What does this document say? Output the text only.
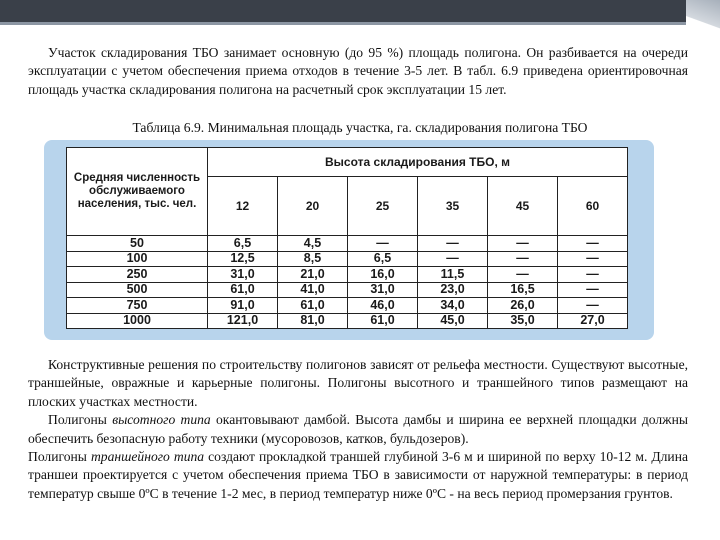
Участок складирования ТБО занимает основную (до 95 %) площадь полигона. Он разбивается на очереди эксплуатации с учетом обеспечения приема отходов в течение 3-5 лет. В табл. 6.9 приведена ориентировочная площадь участка складирования полигона на расчетный срок эксплуатации 15 лет.
Таблица 6.9. Минимальная площадь участка, га. складирования полигона ТБО
Средняя численность обслуживаемого населения, тыс. чел.	Высота складирования ТБО, м					
	12	20	25	35	45	60
50	6,5	4,5	—	—	—	—
100	12,5	8,5	6,5	—	—	—
250	31,0	21,0	16,0	11,5	—	—
500	61,0	41,0	31,0	23,0	16,5	—
750	91,0	61,0	46,0	34,0	26,0	—
1000	121,0	81,0	61,0	45,0	35,0	27,0
Конструктивные решения по строительству полигонов зависят от рельефа местности. Существуют высотные, траншейные, овражные и карьерные полигоны. Полигоны высотного и траншейного типов размещают на плоских участках местности.
Полигоны высотного типа окантовывают дамбой. Высота дамбы и ширина ее верхней площадки должны обеспечить безопасную работу техники (мусоровозов, катков, бульдозеров).
Полигоны траншейного типа создают прокладкой траншей глубиной 3-6 м и шириной по верху 10-12 м. Длина траншеи проектируется с учетом обеспечения приема ТБО в зависимости от наружной температуры: в период температур свыше 0ºC в течение 1-2 мес, в период температур ниже 0ºC - на весь период промерзания грунтов.
